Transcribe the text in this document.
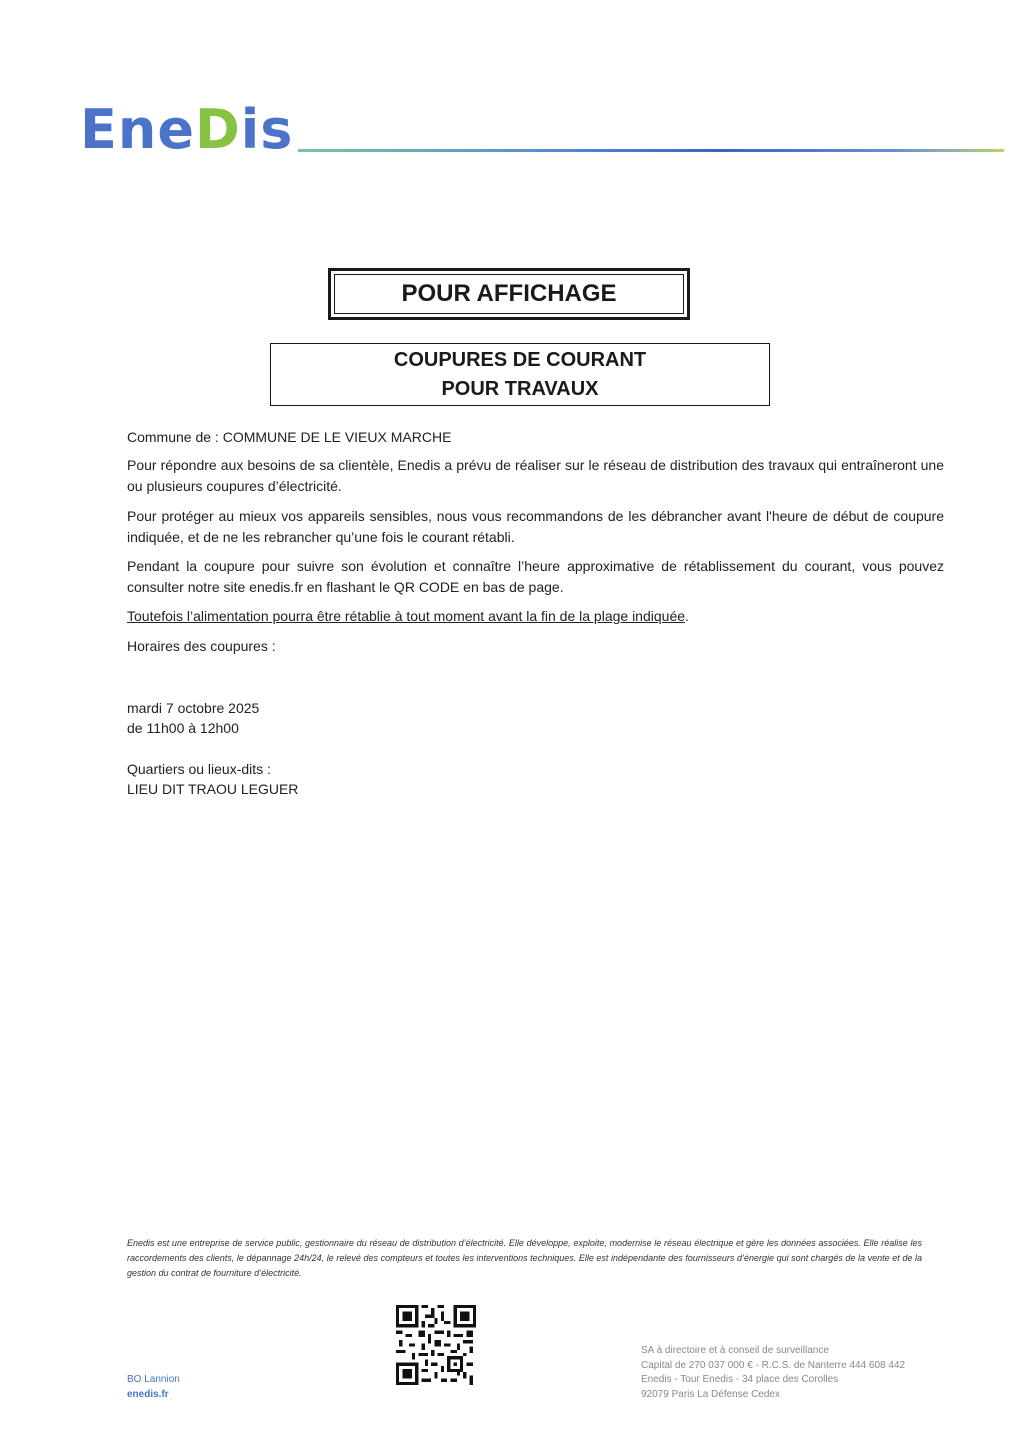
EneDis
POUR AFFICHAGE
COUPURES DE COURANT
POUR TRAVAUX
Commune de : COMMUNE DE LE VIEUX MARCHE
Pour répondre aux besoins de sa clientèle, Enedis a prévu de réaliser sur le réseau de distribution des travaux qui entraîneront une ou plusieurs coupures d’électricité.
Pour protéger au mieux vos appareils sensibles, nous vous recommandons de les débrancher avant l'heure de début de coupure indiquée, et de ne les rebrancher qu’une fois le courant rétabli.
Pendant la coupure pour suivre son évolution et connaître l’heure approximative de rétablissement du courant, vous pouvez consulter notre site enedis.fr en flashant le QR CODE en bas de page.
Toutefois l’alimentation pourra être rétablie à tout moment avant la fin de la plage indiquée.
Horaires des coupures :
mardi 7 octobre 2025
de 11h00 à 12h00
Quartiers ou lieux-dits :
LIEU DIT TRAOU LEGUER
Enedis est une entreprise de service public, gestionnaire du réseau de distribution d’électricité. Elle développe, exploite, modernise le réseau électrique et gère les données associées. Elle réalise les raccordements des clients, le dépannage 24h/24, le relevé des compteurs et toutes les interventions techniques. Elle est indépendante des fournisseurs d’énergie qui sont chargés de la vente et de la gestion du contrat de fourniture d’électricité.
BO Lannion
enedis.fr
SA à directoire et à conseil de surveillance
Capital de 270 037 000 € - R.C.S. de Nanterre 444 608 442
Enedis - Tour Enedis - 34 place des Corolles
92079 Paris La Défense Cedex
